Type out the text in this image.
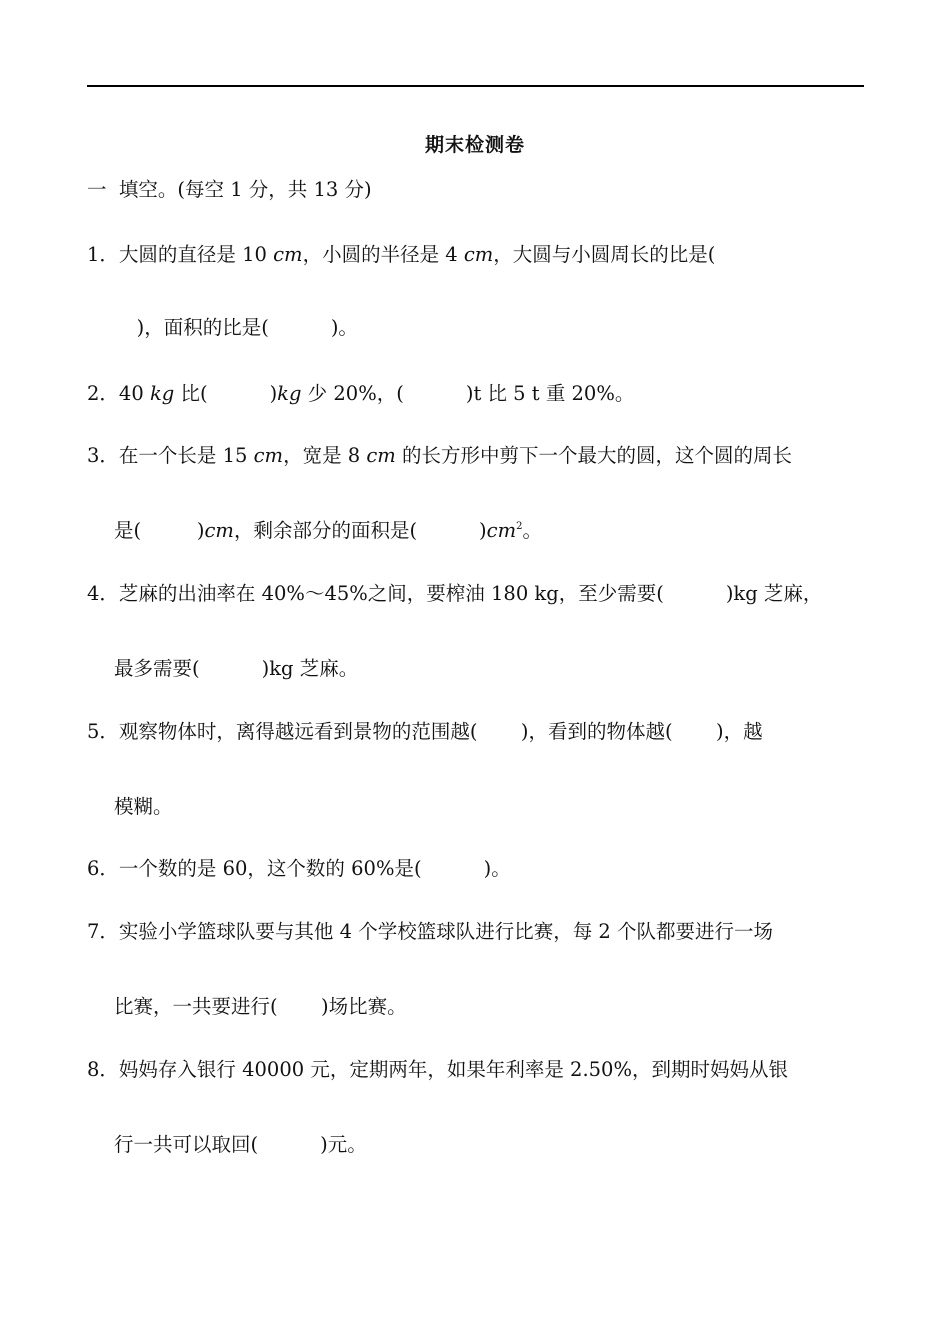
期末检测卷
一  填空。(每空 1 分，共 13 分)
1．大圆的直径是 10 cm，小圆的半径是 4 cm，大圆与小圆周长的比是(
)，面积的比是(	)。
2．40 kg 比(	)kg 少 20%，(	)t 比 5 t 重 20%。
3．在一个长是 15 cm，宽是 8 cm 的长方形中剪下一个最大的圆，这个圆的周长
是(	)cm，剩余部分的面积是(	)$cm^2$。
4．芝麻的出油率在 40%～45%之间，要榨油 180 kg，至少需要(	)kg 芝麻，
最多需要(	)kg 芝麻。
5．观察物体时，离得越远看到景物的范围越( )，看到的物体越( )，越
模糊。
6．一个数的是 60，这个数的 60%是(	)。
7．实验小学篮球队要与其他 4 个学校篮球队进行比赛，每 2 个队都要进行一场
比赛，一共要进行( )场比赛。
8．妈妈存入银行 40000 元，定期两年，如果年利率是 2.50%，到期时妈妈从银
行一共可以取回(	)元。
